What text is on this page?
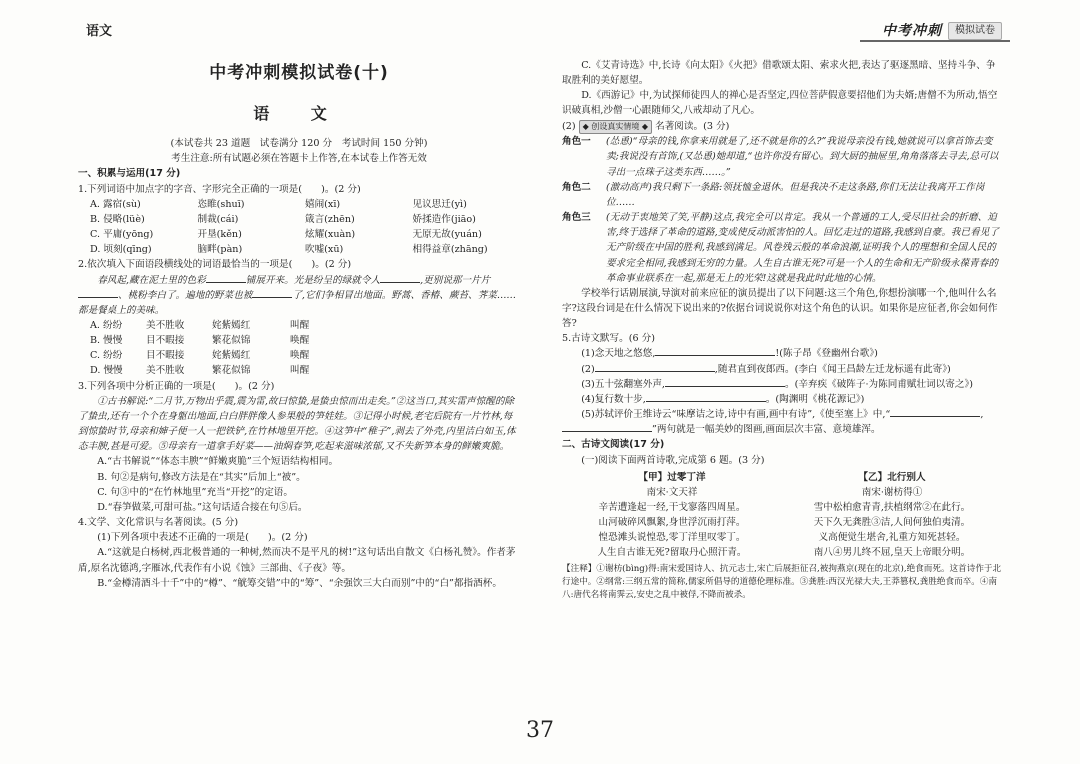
语文	中考冲刺	模拟试卷
中考冲刺模拟试卷(十)
语 文

(本试卷共 23 道题　试卷满分 120 分　考试时间 150 分钟)

考生注意:所有试题必须在答题卡上作答,在本试卷上作答无效

一、积累与运用(17 分)

1.下列词语中加点字的字音、字形完全正确的一项是(　　)。(2 分)

A. 露宿(sù)	恣睢(shuī)	嬉闹(xī)	见议思迁(yì)
B. 侵略(lüè)	制裁(cái)	箴言(zhēn)	娇揉造作(jiāo)
C. 平庸(yōng)	开垦(kěn)	炫耀(xuàn)	无原无故(yuán)
D. 顷刻(qīng)	脑畔(pàn)	吹嘘(xū)	相得益章(zhāng)

2.依次填入下面语段横线处的词语最恰当的一项是(　　)。(2 分)

春风起,藏在泥土里的色彩	铺展开来。光是纷呈的绿就令人	,更别说那一片片、桃粉李白了。遍地的野菜也被	了,它们争相冒出地面。野蒿、香椿、蕨苔、荠菜……都是餐桌上的美味。

A. 纷纷	美不胜收	姹紫嫣红	叫醒
B. 慢慢	目不暇接	繁花似锦	唤醒
C. 纷纷	目不暇接	姹紫嫣红	唤醒
D. 慢慢	美不胜收	繁花似锦	叫醒

3.下列各项中分析正确的一项是(　　)。(2 分)

①古书解说:“二月节,万物出乎震,震为雷,故曰惊蛰,是蛰虫惊而出走矣。”②这当口,其实雷声惊醒的除了蛰虫,还有一个个在身躯出地面,白白胖胖像人参果般的笋娃娃。③记得小时候,老宅后院有一片竹林,每到惊蛰时节,母亲和婶子便一人一把铁铲,在竹林地里开挖。④这笋中“稚子”,剥去了外壳,内里洁白如玉,体态丰腴,甚是可爱。⑤母亲有一道拿手好菜——油焖春笋,吃起来滋味浓郁,又不失新笋本身的鲜嫩爽脆。

A.“古书解说”“体态丰腴”“鲜嫩爽脆”三个短语结构相同。

B. 句②是病句,修改方法是在“其实”后加上“被”。

C. 句③中的“在竹林地里”充当“开挖”的定语。

D.“春笋做菜,可甜可盐。”这句话适合接在句⑤后。

4.文学、文化常识与名著阅读。(5 分)

(1)下列各项中表述不正确的一项是(　　)。(2 分)

A.“这就是白杨树,西北极普通的一种树,然而决不是平凡的树!”这句话出自散文《白杨礼赞》。作者茅盾,原名沈德鸿,字雁冰,代表作有小说《蚀》三部曲、《子夜》等。

B.“金樽清酒斗十千”中的“樽”、“觥筹交错”中的“筹”、“余强饮三大白而别”中的“白”都指酒杯。

C.《艾青诗选》中,长诗《向太阳》《火把》借歌颂太阳、索求火把,表达了驱逐黑暗、坚持斗争、争取胜利的美好愿望。

D.《西游记》中,为试探师徒四人的禅心是否坚定,四位菩萨假意要招他们为夫婿;唐僧不为所动,悟空识破真相,沙僧一心跟随师父,八戒却动了凡心。

(2) ◆ 创设真实情境 ◆ 名著阅读。(3 分)

角色一	(怂恿)“母亲的钱,你拿来用就是了,还不就是你的么?”我说母亲没有钱,她就说可以拿首饰去变卖;我说没有首饰,(又怂恿)她却道,“也许你没有留心。到大厨的抽屉里,角角落落去寻去,总可以寻出一点珠子这类东西……。”
角色二	(激动高声)我只剩下一条路:领抚恤金退休。但是我决不走这条路,你们无法让我离开工作岗位……
角色三	(无动于衷地笑了笑,平静)这点,我完全可以肯定。我从一个普通的工人,受尽旧社会的折磨、迫害,终于选择了革命的道路,变成使反动派害怕的人。回忆走过的道路,我感到自豪。我已看见了无产阶级在中国的胜利,我感到满足。风卷残云般的革命浪潮,证明我个人的理想和全国人民的要求完全相同,我感到无穷的力量。人生自古谁无死?可是一个人的生命和无产阶级永葆青春的革命事业联系在一起,那是无上的光荣!这就是我此时此地的心情。

学校举行话剧展演,导演对前来应征的演员提出了以下问题:这三个角色,你想扮演哪一个,他叫什么名字?这段台词是在什么情况下说出来的?依据台词说说你对这个角色的认识。如果你是应征者,你会如何作答?

5.古诗文默写。(6 分)

(1)念天地之悠悠,	!(陈子昂《登幽州台歌》)

(2)	,随君直到夜郎西。(李白《闻王昌龄左迁龙标遥有此寄》)

(3)五十弦翻塞外声,	。(辛弃疾《破阵子·为陈同甫赋壮词以寄之》)

(4)复行数十步,	。(陶渊明《桃花源记》)

(5)苏轼评价王维诗云“味摩诘之诗,诗中有画,画中有诗”,《使至塞上》中,“	,”两句就是一幅美妙的图画,画面层次丰富、意境雄浑。

二、古诗文阅读(17 分)

(一)阅读下面两首诗歌,完成第 6 题。(3 分)

【甲】过零丁洋
南宋·文天祥
辛苦遭逢起一经,干戈寥落四周星。
山河破碎风飘絮,身世浮沉雨打萍。
惶恐滩头说惶恐,零丁洋里叹零丁。
人生自古谁无死?留取丹心照汗青。
【乙】北行别人
南宋·谢枋得①
雪中松柏愈青青,扶植纲常②在此行。
天下久无龚胜③洁,人间何独伯夷清。
义高便觉生堪舍,礼重方知死甚轻。
南八④男儿终不屈,皇天上帝眼分明。

【注释】①谢枋(bìng)得:南宋爱国诗人、抗元志士,宋亡后展拒征召,被拘燕京(现在的北京),绝食而死。这首诗作于北行途中。②纲常:三纲五常的简称,儒家所倡导的道德伦理标准。③龚胜:西汉光禄大夫,王莽篡权,龚胜绝食而卒。④南八:唐代名将南霁云,安史之乱中被俘,不降而被杀。

37
